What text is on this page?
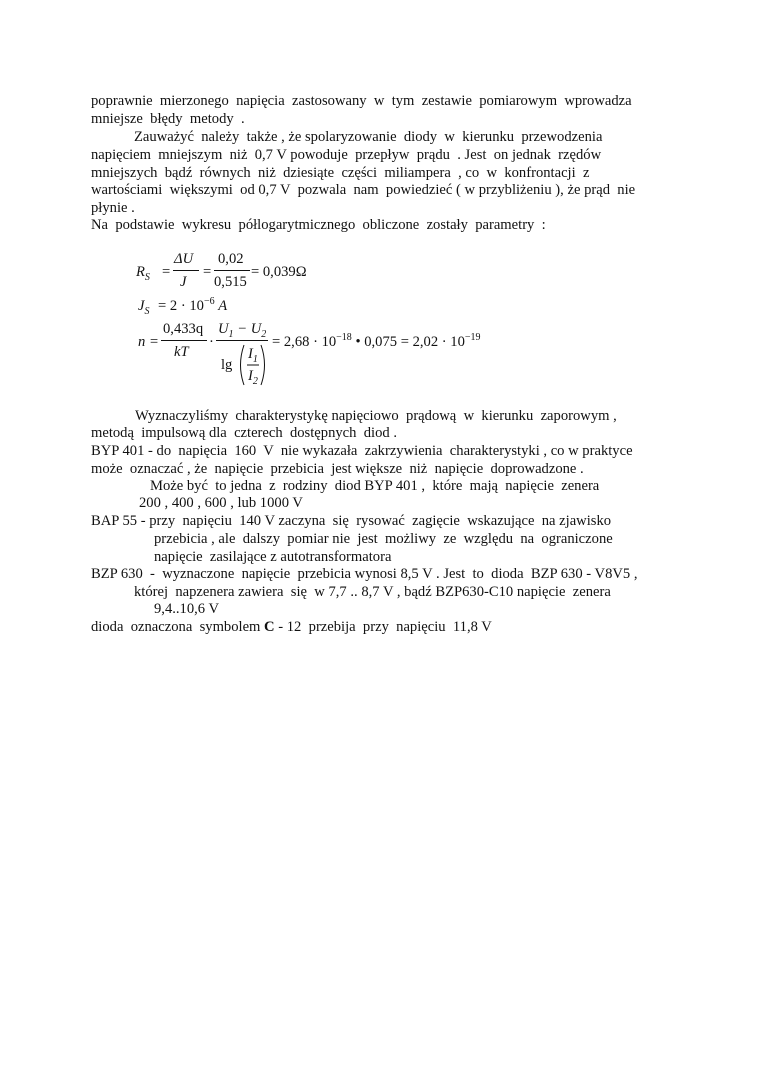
poprawnie  mierzonego  napięcia  zastosowany  w  tym  zestawie  pomiarowym  wprowadza
mniejsze  błędy  metody  .
Zauważyć  należy  także , że spolaryzowanie  diody  w  kierunku  przewodzenia
napięciem  mniejszym  niż  0,7 V powoduje  przepływ  prądu  . Jest  on jednak  rzędów
mniejszych  bądź  równych  niż  dziesiąte  części  miliampera  , co  w  konfrontacji  z
wartościami  większymi  od 0,7 V  pozwala  nam  powiedzieć ( w przybliżeniu ), że prąd  nie
płynie .
Na  podstawie  wykresu  półlogarytmicznego  obliczone  zostały  parametry  :
$R_S$ =
ΔU
J
=
0,02
0,515
= 0,039Ω
$J_S = 2 \cdot 10^{-6}$ A
n =
0,433q
kT
·
$U_1 - U_2$
lg
$I_1$
$I_2$
= $2,68 \cdot 10^{-18}$ • $0,075 = 2,02 \cdot 10^{-19}$
Wyznaczyliśmy  charakterystykę napięciowo  prądową  w  kierunku  zaporowym ,
metodą  impulsową dla  czterech  dostępnych  diod .
BYP 401 - do  napięcia  160  V  nie wykazała  zakrzywienia  charakterystyki , co w praktyce
może  oznaczać , że  napięcie  przebicia  jest większe  niż  napięcie  doprowadzone .
Może być  to jedna  z  rodziny  diod BYP 401 ,  które  mają  napięcie  zenera
200 , 400 , 600 , lub 1000 V
BAP 55 - przy  napięciu  140 V zaczyna  się  rysować  zagięcie  wskazujące  na zjawisko
przebicia , ale  dalszy  pomiar nie  jest  możliwy  ze  względu  na  ograniczone
napięcie  zasilające z autotransformatora
BZP 630  -  wyznaczone  napięcie  przebicia wynosi 8,5 V . Jest  to  dioda  BZP 630 - V8V5 ,
której  napzenera zawiera  się  w 7,7 .. 8,7 V , bądź BZP630-C10 napięcie  zenera
9,4..10,6 V
dioda  oznaczona  symbolem C - 12  przebija  przy  napięciu  11,8 V
